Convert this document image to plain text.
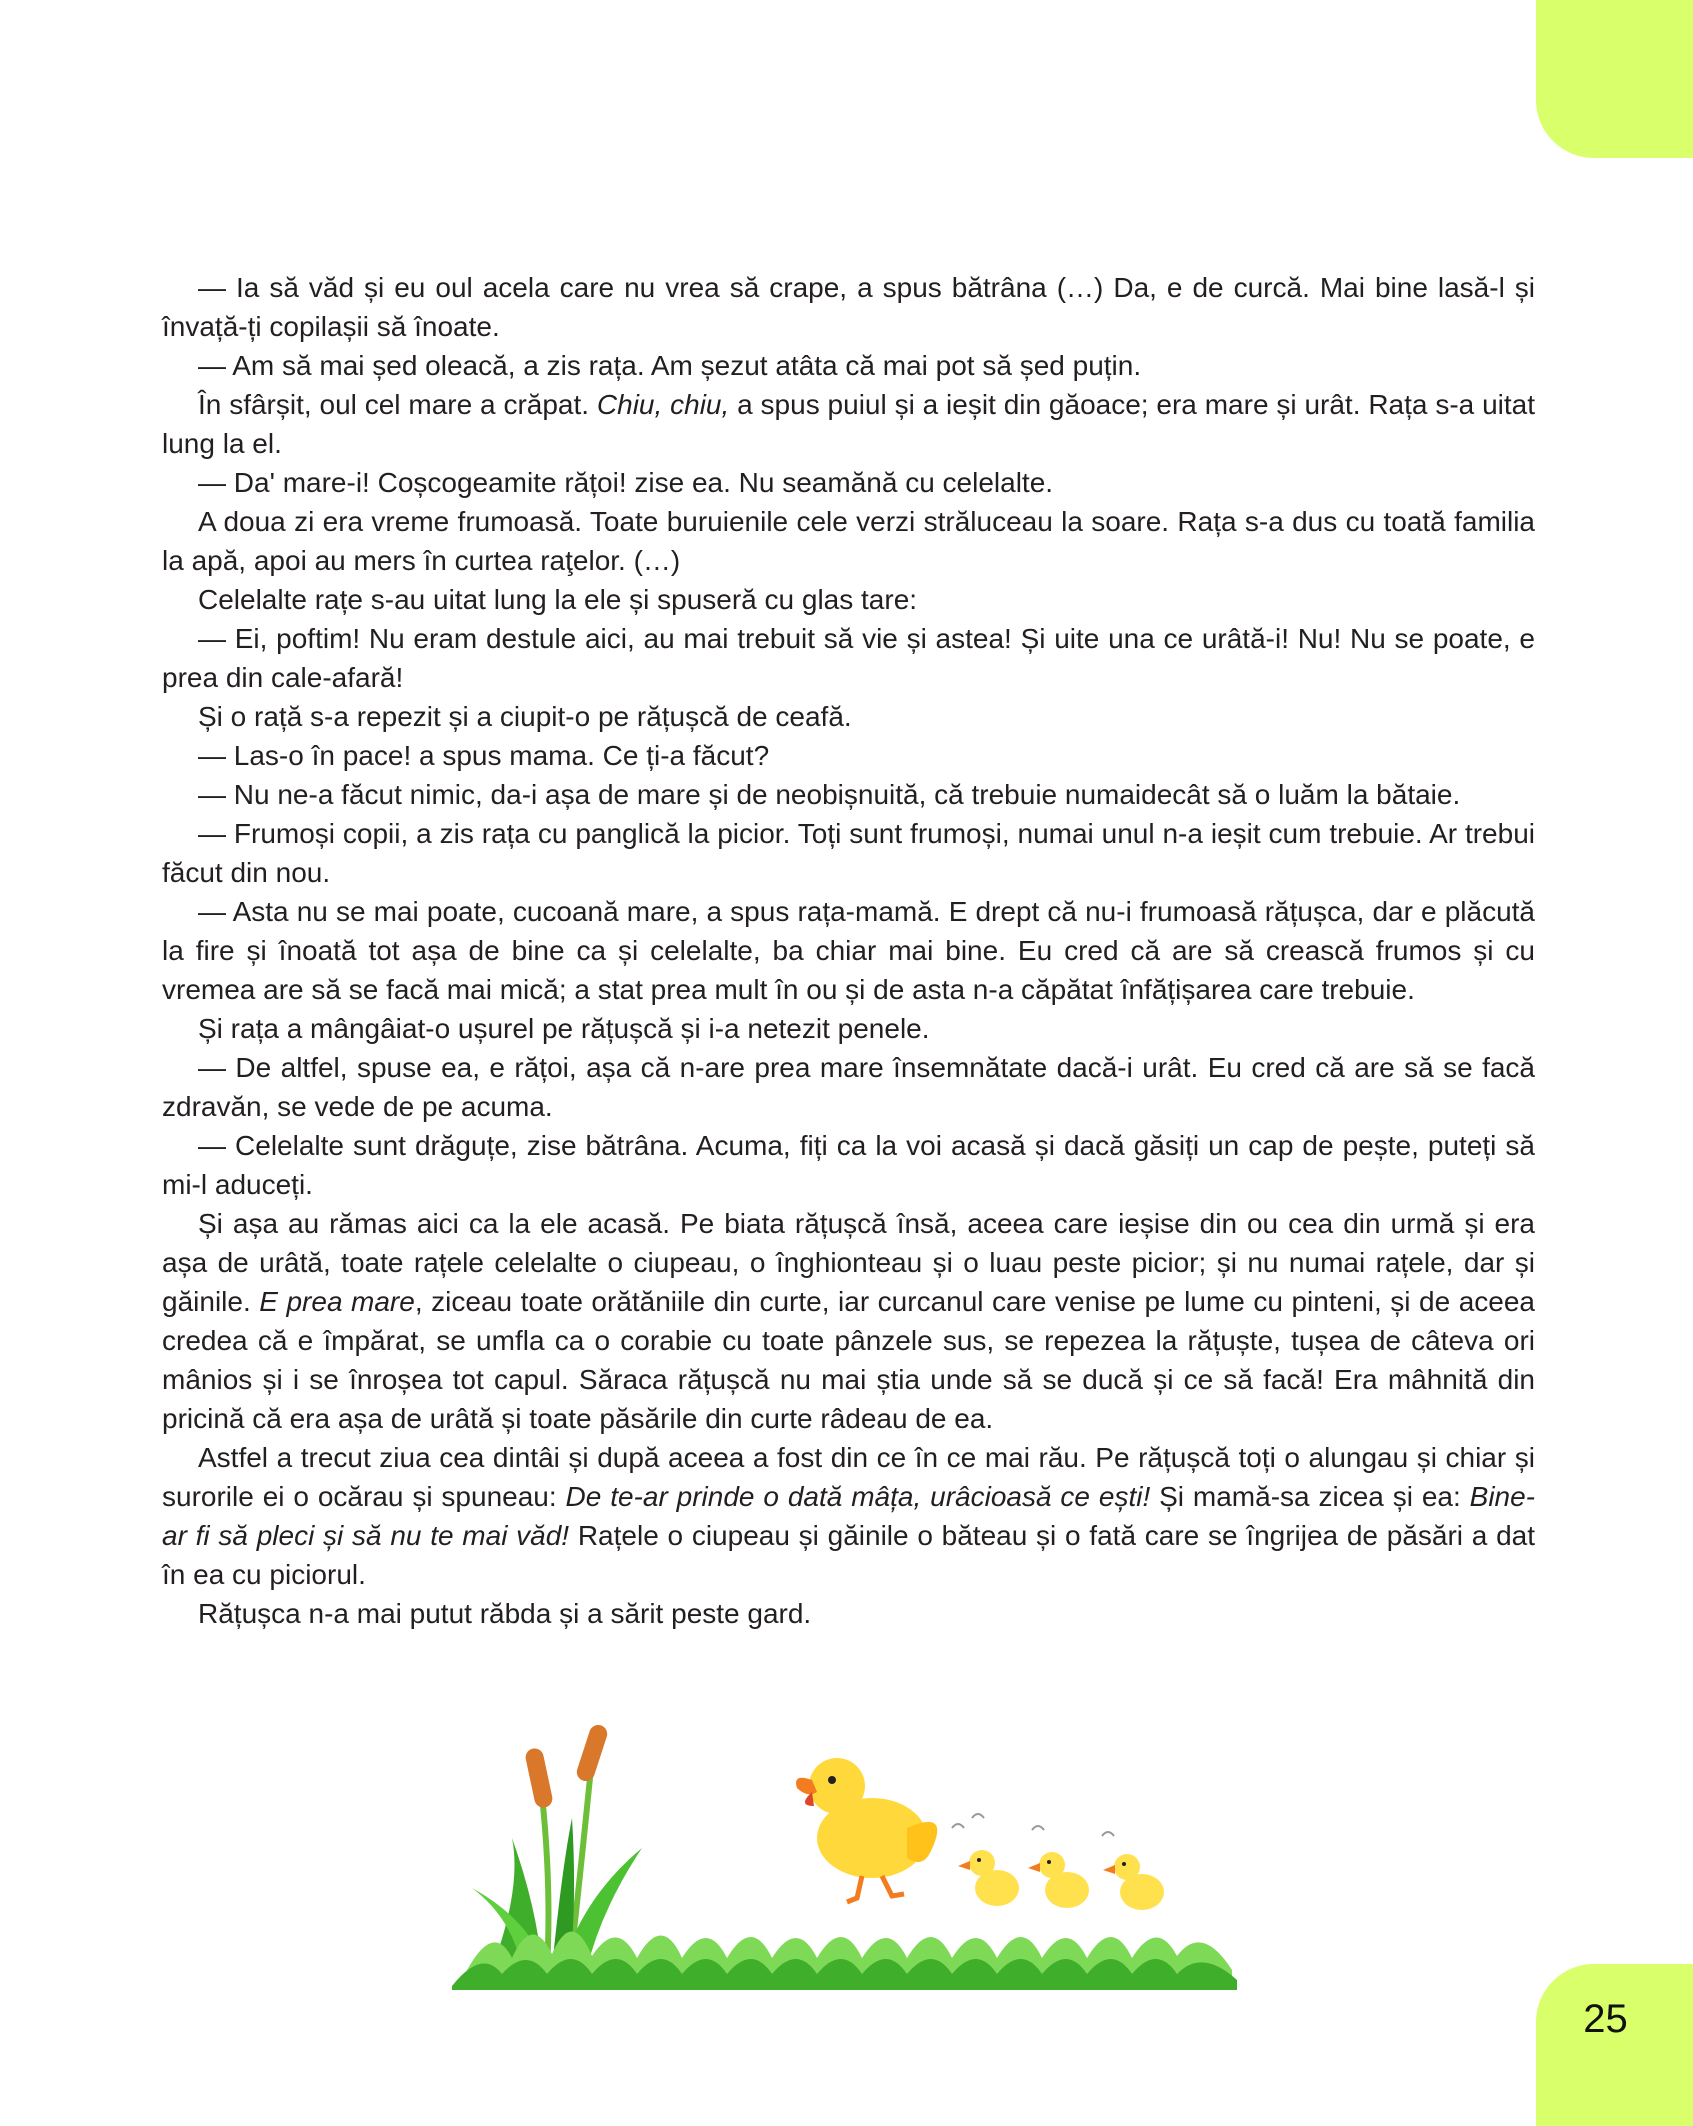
— Ia să văd și eu oul acela care nu vrea să crape, a spus bătrâna (…) Da, e de curcă. Mai bine lasă-l și învață-ți copilașii să înoate.

— Am să mai șed oleacă, a zis rața. Am șezut atâta că mai pot să șed puțin.

În sfârșit, oul cel mare a crăpat. Chiu, chiu, a spus puiul și a ieșit din găoace; era mare și urât. Rața s-a uitat lung la el.

— Da' mare-i! Coșcogeamite rățoi! zise ea. Nu seamănă cu celelalte.

A doua zi era vreme frumoasă. Toate buruienile cele verzi străluceau la soare. Rața s-a dus cu toată familia la apă, apoi au mers în curtea raţelor. (…)

Celelalte rațe s-au uitat lung la ele și spuseră cu glas tare:

— Ei, poftim! Nu eram destule aici, au mai trebuit să vie și astea! Și uite una ce urâtă-i! Nu! Nu se poate, e prea din cale-afară!

Și o rață s-a repezit și a ciupit-o pe rățușcă de ceafă.

— Las-o în pace! a spus mama. Ce ți-a făcut?

— Nu ne-a făcut nimic, da-i așa de mare și de neobișnuită, că trebuie numaidecât să o luăm la bătaie.

— Frumoși copii, a zis rața cu panglică la picior. Toți sunt frumoși, numai unul n-a ieșit cum trebuie. Ar trebui făcut din nou.

— Asta nu se mai poate, cucoană mare, a spus rața-mamă. E drept că nu-i frumoasă rățușca, dar e plăcută la fire și înoată tot așa de bine ca și celelalte, ba chiar mai bine. Eu cred că are să crească frumos și cu vremea are să se facă mai mică; a stat prea mult în ou și de asta n-a căpătat înfățișarea care trebuie.

Și rața a mângâiat-o ușurel pe rățușcă și i-a netezit penele.

— De altfel, spuse ea, e rățoi, așa că n-are prea mare însemnătate dacă-i urât. Eu cred că are să se facă zdravăn, se vede de pe acuma.

— Celelalte sunt drăguțe, zise bătrâna. Acuma, fiți ca la voi acasă și dacă găsiți un cap de pește, puteți să mi-l aduceți.

Și așa au rămas aici ca la ele acasă. Pe biata rățușcă însă, aceea care ieșise din ou cea din urmă și era așa de urâtă, toate rațele celelalte o ciupeau, o înghionteau și o luau peste picior; și nu numai rațele, dar și găinile. E prea mare, ziceau toate orătăniile din curte, iar curcanul care venise pe lume cu pinteni, și de aceea credea că e împărat, se umfla ca o corabie cu toate pânzele sus, se repezea la rățuște, tușea de câteva ori mânios și i se înroșea tot capul. Săraca rățușcă nu mai știa unde să se ducă și ce să facă! Era mâhnită din pricină că era așa de urâtă și toate păsările din curte râdeau de ea.

Astfel a trecut ziua cea dintâi și după aceea a fost din ce în ce mai rău. Pe rățușcă toți o alungau și chiar și surorile ei o ocărau și spuneau: De te-ar prinde o dată mâța, urâcioasă ce ești! Și mamă-sa zicea și ea: Bine-ar fi să pleci și să nu te mai văd! Rațele o ciupeau și găinile o băteau și o fată care se îngrijea de păsări a dat în ea cu piciorul.

Rățușca n-a mai putut răbda și a sărit peste gard.

25
